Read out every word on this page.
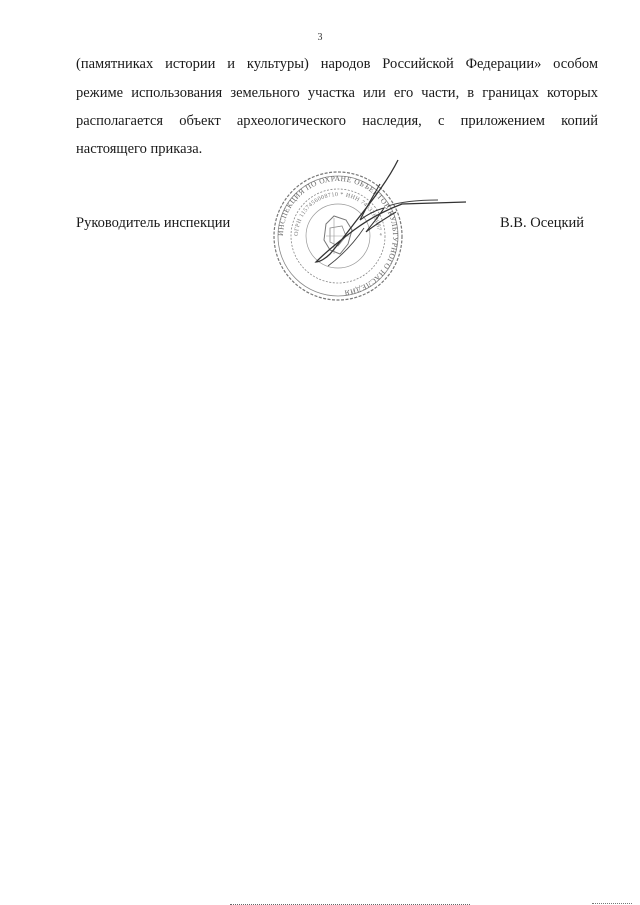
3
(памятниках истории и культуры) народов Российской Федерации» особом
режиме использования земельного участка или его части, в границах которых
располагается объект археологического наследия, с приложением копий
настоящего приказа.
Руководитель инспекции
ИНСПЕКЦИЯ ПО ОХРАНЕ ОБЪЕКТОВ КУЛЬТУРНОГО НАСЛЕДИЯ
ОГРН 1157456008710 * ИНН 7453289087 *
В.В. Осецкий
